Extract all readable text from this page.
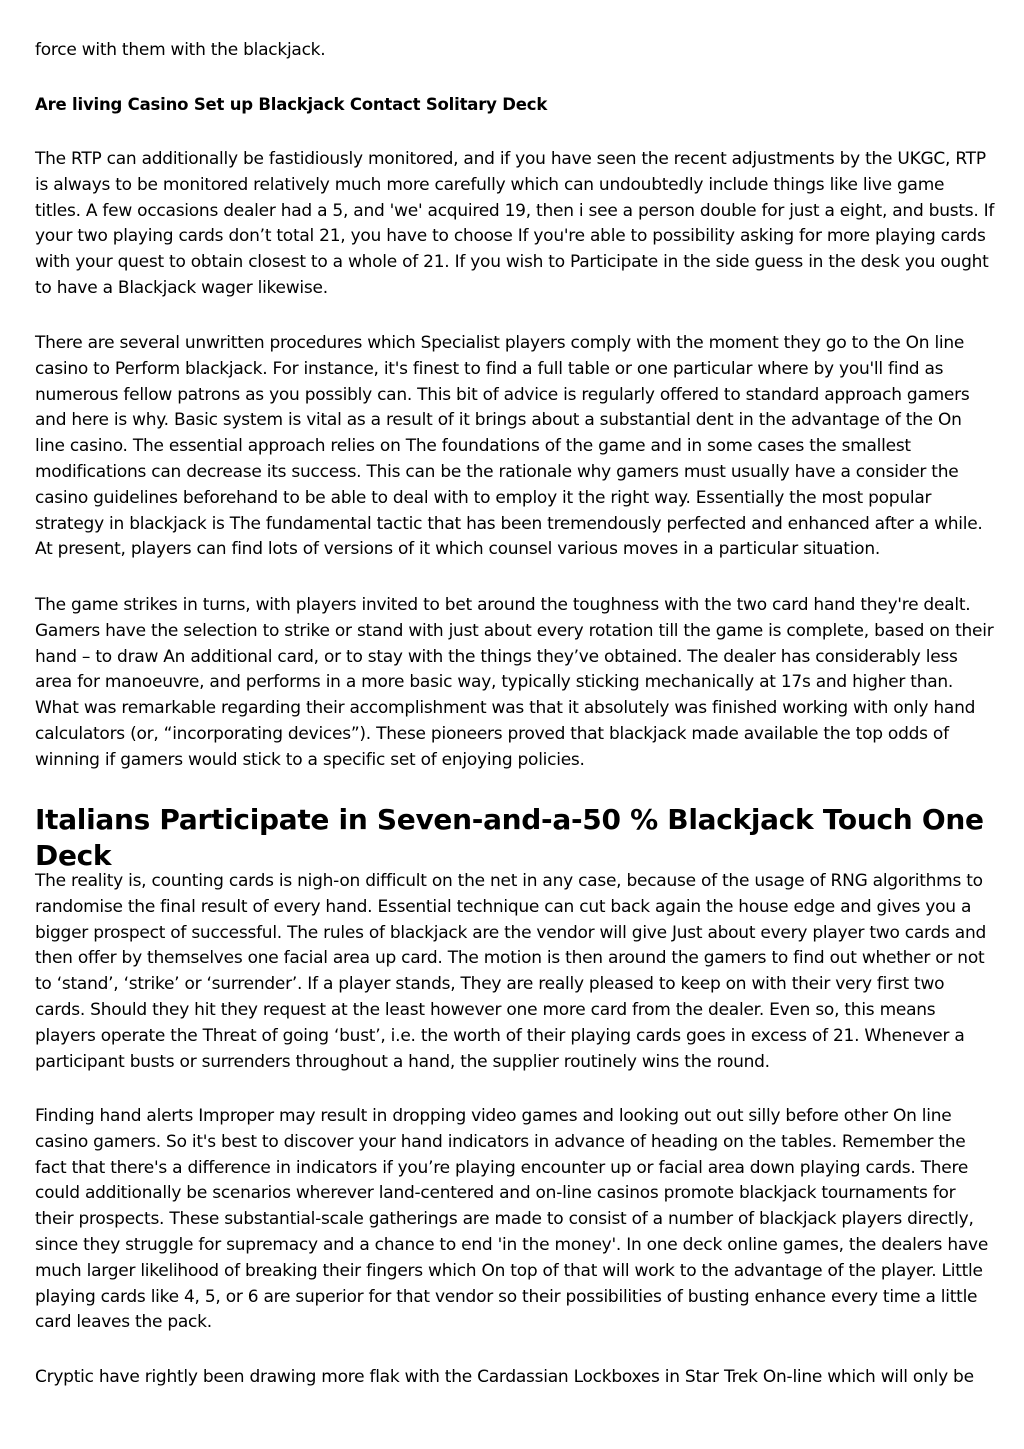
force with them with the blackjack.

Are living Casino Set up Blackjack Contact Solitary Deck

The RTP can additionally be fastidiously monitored, and if you have seen the recent adjustments by the UKGC, RTP is always to be monitored relatively much more carefully which can undoubtedly include things like live game titles. A few occasions dealer had a 5, and 'we' acquired 19, then i see a person double for just a eight, and busts. If your two playing cards don’t total 21, you have to choose If you're able to possibility asking for more playing cards with your quest to obtain closest to a whole of 21. If you wish to Participate in the side guess in the desk you ought to have a Blackjack wager likewise.

There are several unwritten procedures which Specialist players comply with the moment they go to the On line casino to Perform blackjack. For instance, it's finest to find a full table or one particular where by you'll find as numerous fellow patrons as you possibly can. This bit of advice is regularly offered to standard approach gamers and here is why. Basic system is vital as a result of it brings about a substantial dent in the advantage of the On line casino. The essential approach relies on The foundations of the game and in some cases the smallest modifications can decrease its success. This can be the rationale why gamers must usually have a consider the casino guidelines beforehand to be able to deal with to employ it the right way. Essentially the most popular strategy in blackjack is The fundamental tactic that has been tremendously perfected and enhanced after a while. At present, players can find lots of versions of it which counsel various moves in a particular situation.

The game strikes in turns, with players invited to bet around the toughness with the two card hand they're dealt. Gamers have the selection to strike or stand with just about every rotation till the game is complete, based on their hand – to draw An additional card, or to stay with the things they’ve obtained. The dealer has considerably less area for manoeuvre, and performs in a more basic way, typically sticking mechanically at 17s and higher than. What was remarkable regarding their accomplishment was that it absolutely was finished working with only hand calculators (or, “incorporating devices”). These pioneers proved that blackjack made available the top odds of winning if gamers would stick to a specific set of enjoying policies.

Italians Participate in Seven-and-a-50 % Blackjack Touch One Deck

The reality is, counting cards is nigh-on difficult on the net in any case, because of the usage of RNG algorithms to randomise the final result of every hand. Essential technique can cut back again the house edge and gives you a bigger prospect of successful. The rules of blackjack are the vendor will give Just about every player two cards and then offer by themselves one facial area up card. The motion is then around the gamers to find out whether or not to ‘stand’, ‘strike’ or ‘surrender’. If a player stands, They are really pleased to keep on with their very first two cards. Should they hit they request at the least however one more card from the dealer. Even so, this means players operate the Threat of going ‘bust’, i.e. the worth of their playing cards goes in excess of 21. Whenever a participant busts or surrenders throughout a hand, the supplier routinely wins the round.

Finding hand alerts Improper may result in dropping video games and looking out out silly before other On line casino gamers. So it's best to discover your hand indicators in advance of heading on the tables. Remember the fact that there's a difference in indicators if you’re playing encounter up or facial area down playing cards. There could additionally be scenarios wherever land-centered and on-line casinos promote blackjack tournaments for their prospects. These substantial-scale gatherings are made to consist of a number of blackjack players directly, since they struggle for supremacy and a chance to end 'in the money'. In one deck online games, the dealers have much larger likelihood of breaking their fingers which On top of that will work to the advantage of the player. Little playing cards like 4, 5, or 6 are superior for that vendor so their possibilities of busting enhance every time a little card leaves the pack.

Cryptic have rightly been drawing more flak with the Cardassian Lockboxes in Star Trek On-line which will only be
